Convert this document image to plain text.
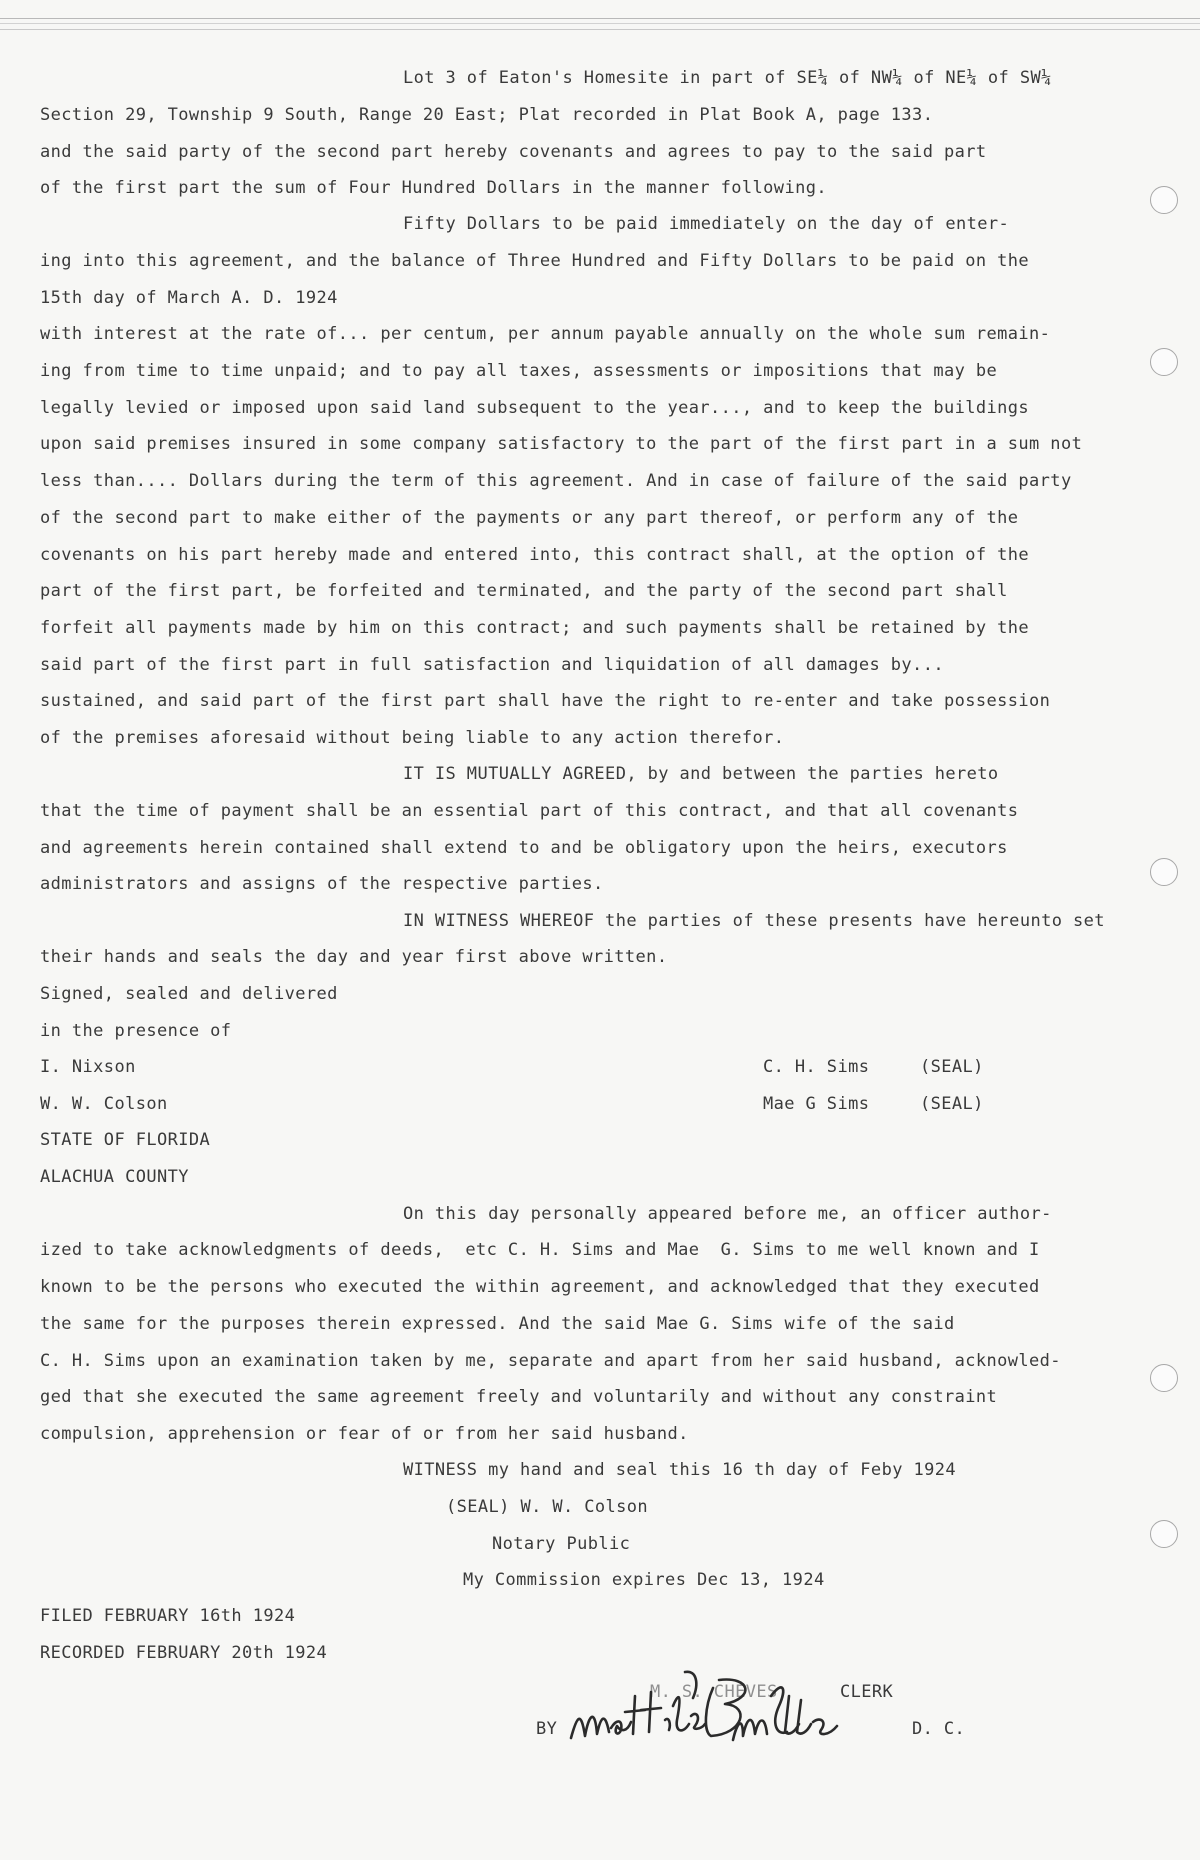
Lot 3 of Eaton's Homesite in part of SE¼ of NW¼ of NE¼ of SW¼
Section 29, Township 9 South, Range 20 East; Plat recorded in Plat Book A, page 133.
and the said party of the second part hereby covenants and agrees to pay to the said part
of the first part the sum of Four Hundred Dollars in the manner following.
Fifty Dollars to be paid immediately on the day of enter-
ing into this agreement, and the balance of Three Hundred and Fifty Dollars to be paid on the
15th day of March A. D. 1924
with interest at the rate of... per centum, per annum payable annually on the whole sum remain-
ing from time to time unpaid; and to pay all taxes, assessments or impositions that may be
legally levied or imposed upon said land subsequent to the year..., and to keep the buildings
upon said premises insured in some company satisfactory to the part of the first part in a sum not
less than.... Dollars during the term of this agreement. And in case of failure of the said party
of the second part to make either of the payments or any part thereof, or perform any of the
covenants on his part hereby made and entered into, this contract shall, at the option of the
part of the first part, be forfeited and terminated, and the party of the second part shall
forfeit all payments made by him on this contract; and such payments shall be retained by the
said part of the first part in full satisfaction and liquidation of all damages by...
sustained, and said part of the first part shall have the right to re-enter and take possession
of the premises aforesaid without being liable to any action therefor.
IT IS MUTUALLY AGREED, by and between the parties hereto
that the time of payment shall be an essential part of this contract, and that all covenants
and agreements herein contained shall extend to and be obligatory upon the heirs, executors
administrators and assigns of the respective parties.
IN WITNESS WHEREOF the parties of these presents have hereunto set
their hands and seals the day and year first above written.
Signed, sealed and delivered
in the presence of
I. Nixson
W. W. Colson
C. H. Sims
Mae G Sims
(SEAL)
(SEAL)
STATE OF FLORIDA
ALACHUA COUNTY
On this day personally appeared before me, an officer author-
ized to take acknowledgments of deeds,  etc C. H. Sims and Mae  G. Sims to me well known and I
known to be the persons who executed the within agreement, and acknowledged that they executed
the same for the purposes therein expressed. And the said Mae G. Sims wife of the said
C. H. Sims upon an examination taken by me, separate and apart from her said husband, acknowled-
ged that she executed the same agreement freely and voluntarily and without any constraint
compulsion, apprehension or fear of or from her said husband.
WITNESS my hand and seal this 16 th day of Feby 1924
(SEAL) W. W. Colson
Notary Public
My Commission expires Dec 13, 1924
FILED FEBRUARY 16th 1924
RECORDED FEBRUARY 20th 1924
M. S. CHEVES	CLERK
BY	D. C.
